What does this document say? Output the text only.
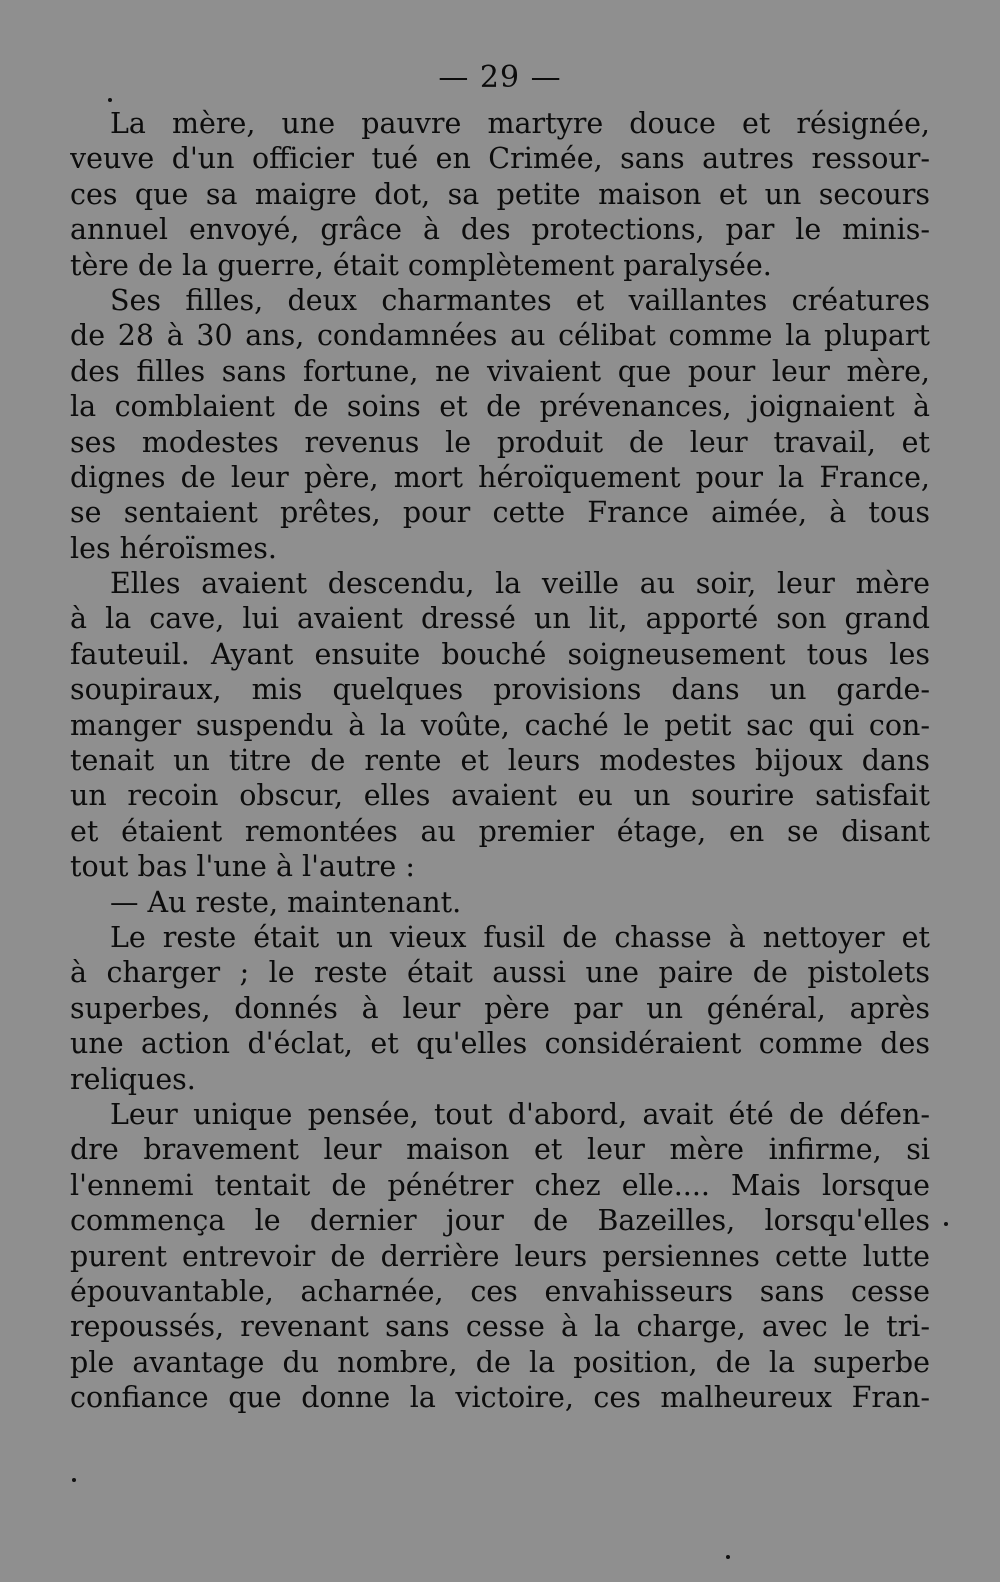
— 29 —
La mère, une pauvre martyre douce et résignée,
veuve d'un officier tué en Crimée, sans autres ressour-
ces que sa maigre dot, sa petite maison et un secours
annuel envoyé, grâce à des protections, par le minis-
tère de la guerre, était complètement paralysée.
Ses filles, deux charmantes et vaillantes créatures
de 28 à 30 ans, condamnées au célibat comme la plupart
des filles sans fortune, ne vivaient que pour leur mère,
la comblaient de soins et de prévenances, joignaient à
ses modestes revenus le produit de leur travail, et
dignes de leur père, mort héroïquement pour la France,
se sentaient prêtes, pour cette France aimée, à tous
les héroïsmes.
Elles avaient descendu, la veille au soir, leur mère
à la cave, lui avaient dressé un lit, apporté son grand
fauteuil. Ayant ensuite bouché soigneusement tous les
soupiraux, mis quelques provisions dans un garde-
manger suspendu à la voûte, caché le petit sac qui con-
tenait un titre de rente et leurs modestes bijoux dans
un recoin obscur, elles avaient eu un sourire satisfait
et étaient remontées au premier étage, en se disant
tout bas l'une à l'autre :
— Au reste, maintenant.
Le reste était un vieux fusil de chasse à nettoyer et
à charger ; le reste était aussi une paire de pistolets
superbes, donnés à leur père par un général, après
une action d'éclat, et qu'elles considéraient comme des
reliques.
Leur unique pensée, tout d'abord, avait été de défen-
dre bravement leur maison et leur mère infirme, si
l'ennemi tentait de pénétrer chez elle.... Mais lorsque
commença le dernier jour de Bazeilles, lorsqu'elles
purent entrevoir de derrière leurs persiennes cette lutte
épouvantable, acharnée, ces envahisseurs sans cesse
repoussés, revenant sans cesse à la charge, avec le tri-
ple avantage du nombre, de la position, de la superbe
confiance que donne la victoire, ces malheureux Fran-
